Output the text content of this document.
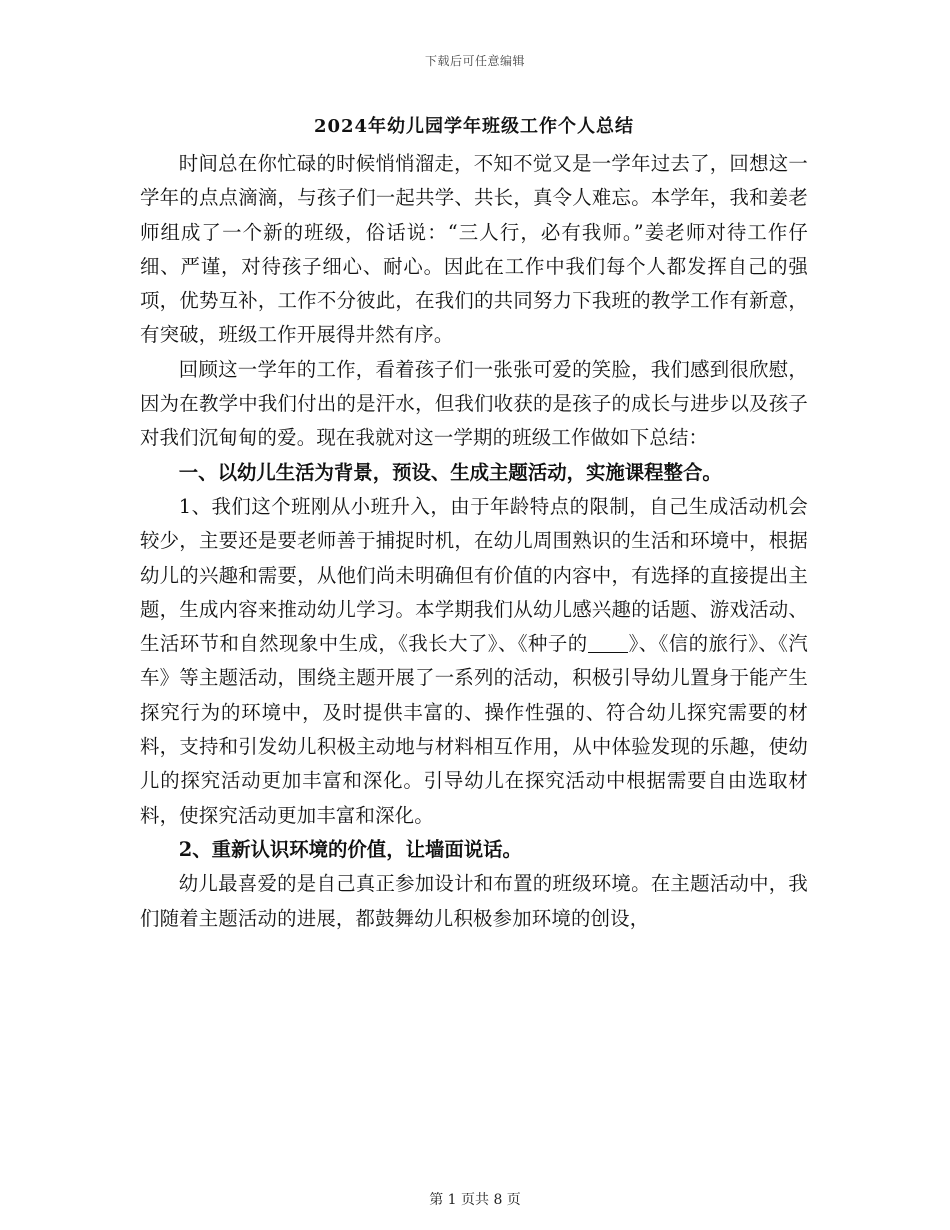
下载后可任意编辑
2024年幼儿园学年班级工作个人总结

时间总在你忙碌的时候悄悄溜走，不知不觉又是一学年过去了，回想这一学年的点点滴滴，与孩子们一起共学、共长，真令人难忘。本学年，我和姜老师组成了一个新的班级，俗话说：“三人行，必有我师。”姜老师对待工作仔细、严谨，对待孩子细心、耐心。因此在工作中我们每个人都发挥自己的强项，优势互补，工作不分彼此，在我们的共同努力下我班的教学工作有新意，有突破，班级工作开展得井然有序。

回顾这一学年的工作，看着孩子们一张张可爱的笑脸，我们感到很欣慰，因为在教学中我们付出的是汗水，但我们收获的是孩子的成长与进步以及孩子对我们沉甸甸的爱。现在我就对这一学期的班级工作做如下总结：

一、以幼儿生活为背景，预设、生成主题活动，实施课程整合。

1、我们这个班刚从小班升入，由于年龄特点的限制，自己生成活动机会较少，主要还是要老师善于捕捉时机，在幼儿周围熟识的生活和环境中，根据幼儿的兴趣和需要，从他们尚未明确但有价值的内容中，有选择的直接提出主题，生成内容来推动幼儿学习。本学期我们从幼儿感兴趣的话题、游戏活动、生活环节和自然现象中生成，《我长大了》、《种子的 》、《信的旅行》、《汽车》等主题活动，围绕主题开展了一系列的活动，积极引导幼儿置身于能产生探究行为的环境中，及时提供丰富的、操作性强的、符合幼儿探究需要的材料，支持和引发幼儿积极主动地与材料相互作用，从中体验发现的乐趣，使幼儿的探究活动更加丰富和深化。引导幼儿在探究活动中根据需要自由选取材料，使探究活动更加丰富和深化。

2、重新认识环境的价值，让墙面说话。

幼儿最喜爱的是自己真正参加设计和布置的班级环境。在主题活动中，我们随着主题活动的进展，都鼓舞幼儿积极参加环境的创设，

第 1 页共 8 页
